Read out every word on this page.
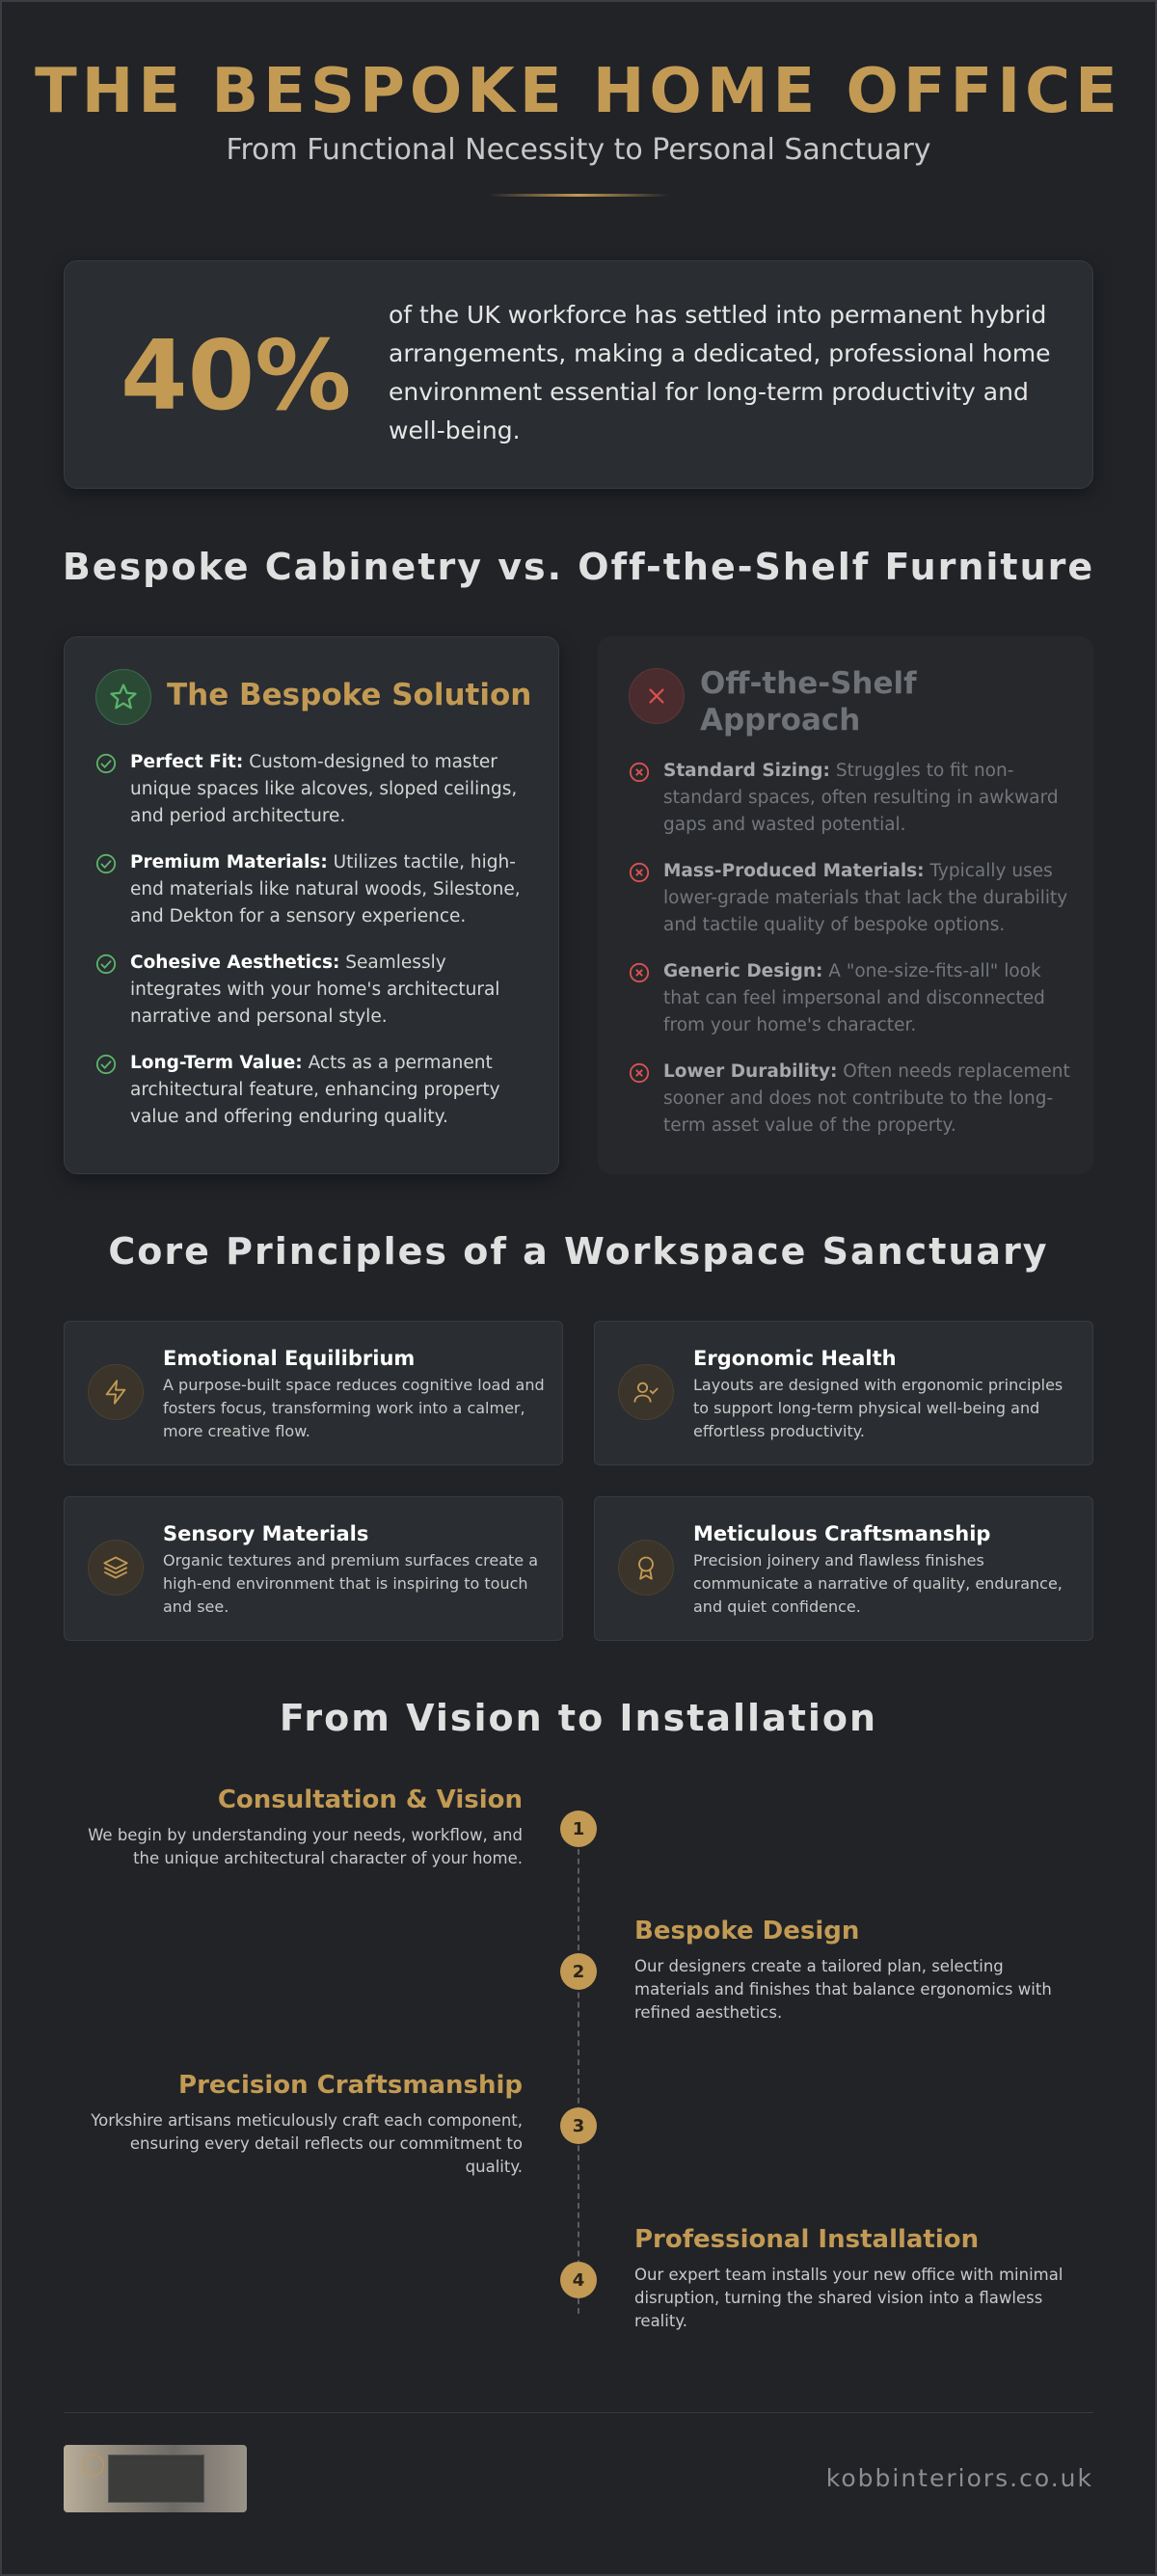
THE BESPOKE HOME OFFICE
From Functional Necessity to Personal Sanctuary
40%
of the UK workforce has settled into permanent hybrid arrangements, making a dedicated, professional home environment essential for long-term productivity and well-being.
Bespoke Cabinetry vs. Off-the-Shelf Furniture
The Bespoke Solution
Perfect Fit: Custom-designed to master unique spaces like alcoves, sloped ceilings, and period architecture.
Premium Materials: Utilizes tactile, high-end materials like natural woods, Silestone, and Dekton for a sensory experience.
Cohesive Aesthetics: Seamlessly integrates with your home's architectural narrative and personal style.
Long-Term Value: Acts as a permanent architectural feature, enhancing property value and offering enduring quality.
Off-the-Shelf Approach
Standard Sizing: Struggles to fit non-standard spaces, often resulting in awkward gaps and wasted potential.
Mass-Produced Materials: Typically uses lower-grade materials that lack the durability and tactile quality of bespoke options.
Generic Design: A "one-size-fits-all" look that can feel impersonal and disconnected from your home's character.
Lower Durability: Often needs replacement sooner and does not contribute to the long-term asset value of the property.
Core Principles of a Workspace Sanctuary
Emotional Equilibrium
A purpose-built space reduces cognitive load and fosters focus, transforming work into a calmer, more creative flow.
Ergonomic Health
Layouts are designed with ergonomic principles to support long-term physical well-being and effortless productivity.
Sensory Materials
Organic textures and premium surfaces create a high-end environment that is inspiring to touch and see.
Meticulous Craftsmanship
Precision joinery and flawless finishes communicate a narrative of quality, endurance, and quiet confidence.
From Vision to Installation
Consultation & Vision
We begin by understanding your needs, workflow, and the unique architectural character of your home.
1
Bespoke Design
Our designers create a tailored plan, selecting materials and finishes that balance ergonomics with refined aesthetics.
2
Precision Craftsmanship
Yorkshire artisans meticulously craft each component, ensuring every detail reflects our commitment to quality.
3
Professional Installation
Our expert team installs your new office with minimal disruption, turning the shared vision into a flawless reality.
4
kobbinteriors.co.uk
